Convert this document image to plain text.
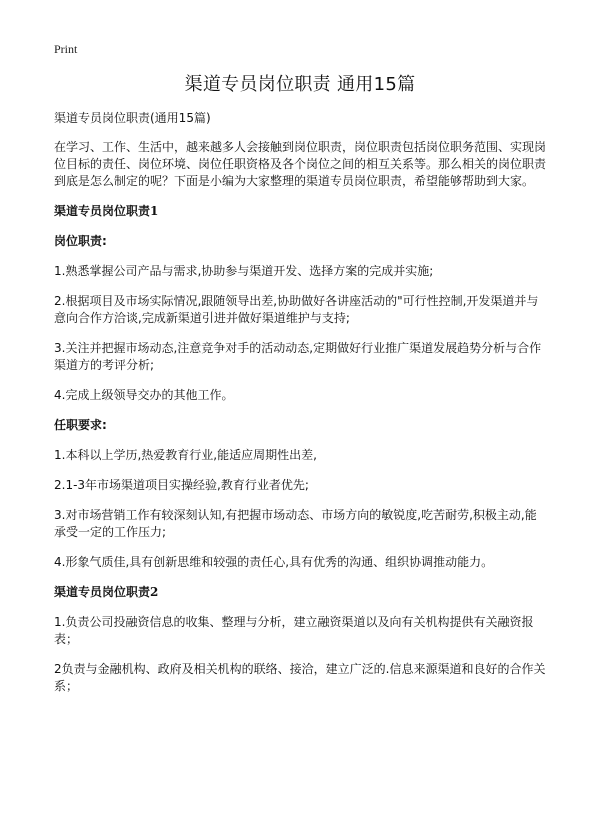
Print
渠道专员岗位职责 通用15篇

渠道专员岗位职责(通用15篇)

在学习、工作、生活中，越来越多人会接触到岗位职责，岗位职责包括岗位职务范围、实现岗位目标的责任、岗位环境、岗位任职资格及各个岗位之间的相互关系等。那么相关的岗位职责到底是怎么制定的呢？下面是小编为大家整理的渠道专员岗位职责，希望能够帮助到大家。

渠道专员岗位职责1

岗位职责:

1.熟悉掌握公司产品与需求,协助参与渠道开发、选择方案的完成并实施;

2.根据项目及市场实际情况,跟随领导出差,协助做好各讲座活动的"可行性控制,开发渠道并与意向合作方洽谈,完成新渠道引进并做好渠道维护与支持;

3.关注并把握市场动态,注意竞争对手的活动动态,定期做好行业推广渠道发展趋势分析与合作渠道方的考评分析;

4.完成上级领导交办的其他工作。

任职要求:

1.本科以上学历,热爱教育行业,能适应周期性出差,

2.1-3年市场渠道项目实操经验,教育行业者优先;

3.对市场营销工作有较深刻认知,有把握市场动态、市场方向的敏锐度,吃苦耐劳,积极主动,能承受一定的工作压力;

4.形象气质佳,具有创新思维和较强的责任心,具有优秀的沟通、组织协调推动能力。

渠道专员岗位职责2

1.负责公司投融资信息的收集、整理与分析，建立融资渠道以及向有关机构提供有关融资报表；

2负责与金融机构、政府及相关机构的联络、接洽，建立广泛的.信息来源渠道和良好的合作关系；
